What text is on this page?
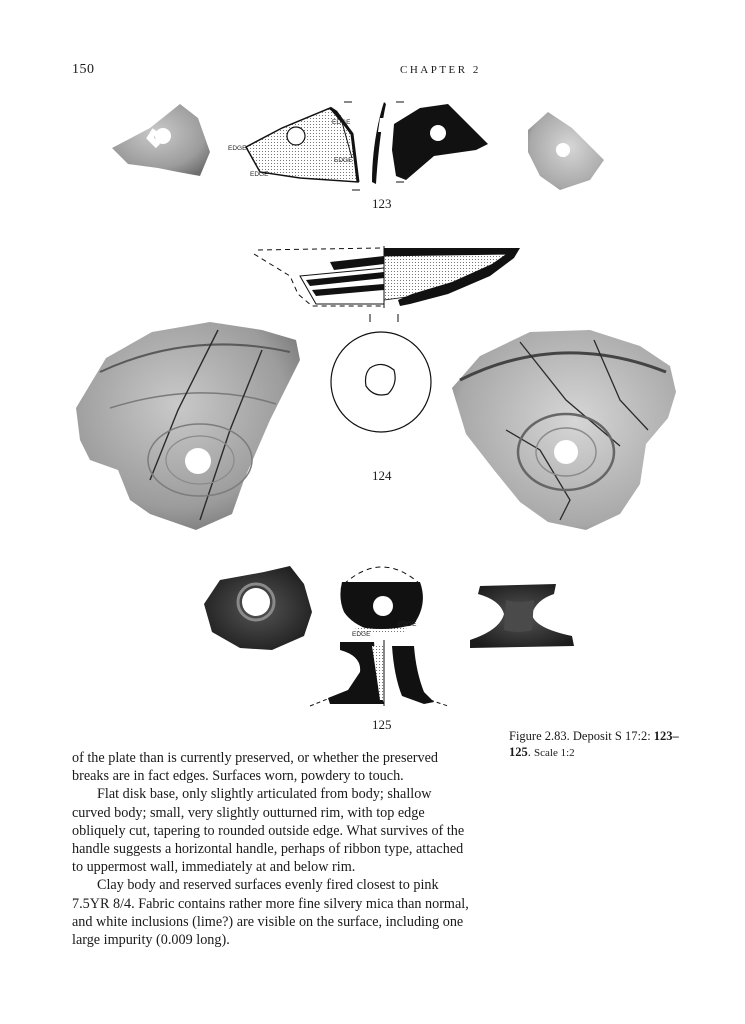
150	CHAPTER 2
EDGE
EDGE
EDGE
EDGE
EDGE
EDGE
123
124
125
Figure 2.83. Deposit S 17:2: 123–125. Scale 1:2

of the plate than is currently preserved, or whether the preserved breaks are in fact edges. Surfaces worn, powdery to touch.

Flat disk base, only slightly articulated from body; shallow curved body; small, very slightly outturned rim, with top edge obliquely cut, tapering to rounded outside edge. What survives of the handle suggests a horizontal handle, perhaps of ribbon type, attached to uppermost wall, immediately at and below rim.

Clay body and reserved surfaces evenly fired closest to pink 7.5YR 8/4. Fabric contains rather more fine silvery mica than normal, and white inclusions (lime?) are visible on the surface, including one large impurity (0.009 long).
